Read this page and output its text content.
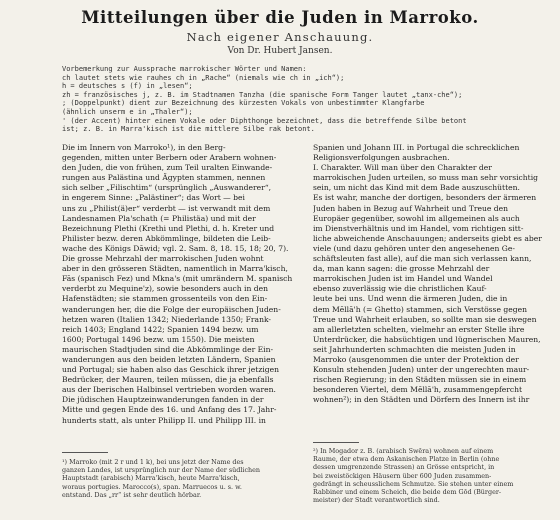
Mitteilungen über die Juden in Marroko.
Nach eigener Anschauung.
Von Dr. Hubert Jansen.
Vorbemerkung zur Aussprache marrokischer Wörter und Namen:
ch lautet stets wie rauhes ch in „Rache“ (niemals wie ch in „ich“);
h = deutsches s (f) in „lesen“;
zh = französisches j, z. B. im Stadtnamen Tanzha (die spanische Form Tanger lautet „tanx-che“);
; (Doppelpunkt) dient zur Bezeichnung des kürzesten Vokals von unbestimmter Klangfarbe
(ähnlich unserm e in „Thaler“);
' (der Accent) hinter einem Vokale oder Diphthonge bezeichnet, dass die betreffende Silbe betont
ist; z. B. in Marra'kisch ist die mittlere Silbe rak betont.
Die im Innern von Marroko¹), in den Berg-
gegenden, mitten unter Berbern oder Arabern wohnen-
den Juden, die von frühen, zum Teil uralten Einwande-
rungen aus Palästina und Ägypten stammen, nennen
sich selber „Filischtim“ (ursprünglich „Auswanderer“,
in engerem Sinne: „Palästiner“; das Wort — bei
uns zu „Philist(ä)er“ verderbt — ist verwandt mit dem
Landesnamen Pla'schath (= Philistäa) und mit der
Bezeichnung Plethi (Krethi und Plethi, d. h. Kreter und
Philister bezw. deren Abkömmlinge, bildeten die Leib-
wache des Königs Dāwid; vgl. 2. Sam. 8, 18. 15, 18; 20, 7).
Die grosse Mehrzahl der marrokischen Juden wohnt
aber in den grösseren Städten, namentlich in Marra'kisch,
Fās (spanisch Fez) und Mkna's (mit umrändern M. spanisch
verderbt zu Mequine'z), sowie besonders auch in den
Hafenstädten; sie stammen grossenteils von den Ein-
wanderungen her, die die Folge der europäischen Juden-
hetzen waren (Italien 1342; Niederlande 1350; Frank-
reich 1403; England 1422; Spanien 1494 bezw. um
1600; Portugal 1496 bezw. um 1550). Die meisten
maurischen Stadtjuden sind die Abkömmlinge der Ein-
wanderungen aus den beiden letzten Ländern, Spanien
und Portugal; sie haben also das Geschick ihrer jetzigen
Bedrücker, der Mauren, teilen müssen, die ja ebenfalls
aus der Iberischen Halbinsel vertrieben worden waren.
Die jüdischen Hauptzeinwanderungen fanden in der
Mitte und gegen Ende des 16. und Anfang des 17. Jahr-
hunderts statt, als unter Philipp II. und Philipp III. in
Spanien und Johann III. in Portugal die schrecklichen
Religionsverfolgungen ausbrachen.
I. Charakter. Will man über den Charakter der
marrokischen Juden urteilen, so muss man sehr vorsichtig
sein, um nicht das Kind mit dem Bade auszuschütten.
Es ist wahr, manche der dortigen, besonders der ärmeren
Juden haben in Bezug auf Wahrheit und Treue den
Europäer gegenüber, sowohl im allgemeinen als auch
im Dienstverhältnis und im Handel, vom richtigen sitt-
liche abweichende Anschauungen; anderseits giebt es aber
viele (und dazu gehören unter den angesehenen Ge-
schäftsleuten fast alle), auf die man sich verlassen kann,
da, man kann sagen: die grosse Mehrzahl der
marrokischen Juden ist im Handel und Wandel
ebenso zuverlässig wie die christlichen Kauf-
leute bei uns. Und wenn die ärmeren Juden, die in
dem Mēllā'h (= Ghetto) stammen, sich Verstösse gegen
Treue und Wahrheit erlauben, so sollte man sie deswegen
am allerletzten schelten, vielmehr an erster Stelle ihre
Unterdrücker, die habsüchtigen und lügnerischen Mauren,
seit Jahrhunderten schmachten die meisten Juden in
Marroko (ausgenommen die unter der Protektion der
Konsuln stehenden Juden) unter der ungerechten maur-
rischen Regierung; in den Städten müssen sie in einem
besonderen Viertel, dem Mēllā'h, zusammengepfercht
wohnen²); in den Städten und Dörfern des Innern ist ihr
¹) Marroko (mit 2 r und 1 k), bei uns jetzt der Name des
ganzen Landes, ist ursprünglich nur der Name der südlichen
Hauptstadt (arabisch) Marra'kisch, heute Marra'kisch,
woraus portugies. Marocco(s), span. Marruecos u. s. w.
entstand. Das „rr“ ist sehr deutlich hörbar.
²) In Mogador z. B. (arabisch Swēra) wohnen auf einem
Raume, der etwa dem Askanischen Platze in Berlin (ohne
dessen umgrenzende Strassen) an Grösse entspricht, in
bei zweistöckigen Häusern über 600 Juden zusammen-
gedrängt in scheusslichem Schmutze. Sie stehen unter einem
Rabbiner und einem Scheich, die beide dem Gōd (Bürger-
meister) der Stadt verantwortlich sind.
